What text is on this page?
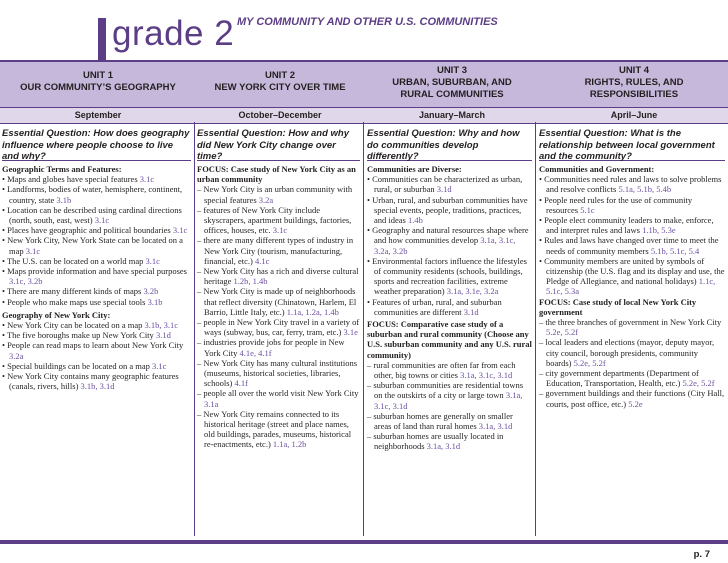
grade 2 MY COMMUNITY AND OTHER U.S. COMMUNITIES
UNIT 1
OUR COMMUNITY’S GEOGRAPHY
UNIT 2
NEW YORK CITY OVER TIME
UNIT 3
URBAN, SUBURBAN, AND RURAL COMMUNITIES
UNIT 4
RIGHTS, RULES, AND RESPONSIBILITIES
September	October–December	January–March	April–June
Essential Question: How does geography influence where people choose to live and why?
Geographic Terms and Features:
• Maps and globes have special features 3.1c
• Landforms, bodies of water, hemisphere, continent, country, state 3.1b
• Location can be described using cardinal directions (north, south, east, west) 3.1c
• Places have geographic and political boundaries 3.1c
• New York City, New York State can be located on a map 3.1c
• The U.S. can be located on a world map 3.1c
• Maps provide information and have special purposes 3.1c, 3.2b
• There are many different kinds of maps 3.2b
• People who make maps use special tools 3.1b
Geography of New York City:
• New York City can be located on a map 3.1b, 3.1c
• The five boroughs make up New York City 3.1d
• People can read maps to learn about New York City 3.2a
• Special buildings can be located on a map 3.1c
• New York City contains many geographic features (canals, rivers, hills) 3.1b, 3.1d
Essential Question: How and why did New York City change over time?
FOCUS: Case study of New York City as an urban community
– New York City is an urban community with special features 3.2a
– features of New York City include skyscrapers, apartment buildings, factories, offices, houses, etc. 3.1c
– there are many different types of industry in New York City (tourism, manufacturing, financial, etc.) 4.1c
– New York City has a rich and diverse cultural heritage 1.2b, 1.4b
– New York City is made up of neighborhoods that reflect diversity (Chinatown, Harlem, El Barrio, Little Italy, etc.) 1.1a, 1.2a, 1.4b
– people in New York City travel in a variety of ways (subway, bus, car, ferry, tram, etc.) 3.1e
– industries provide jobs for people in New York City 4.1e, 4.1f
– New York City has many cultural institutions (museums, historical societies, libraries, schools) 4.1f
– people all over the world visit New York City 3.1a
– New York City remains connected to its historical heritage (street and place names, old buildings, parades, museums, historical re-enactments, etc.) 1.1a, 1.2b
Essential Question: Why and how do communities develop differently?
Communities are Diverse:
• Communities can be characterized as urban, rural, or suburban 3.1d
• Urban, rural, and suburban communities have special events, people, traditions, practices, and ideas 1.4b
• Geography and natural resources shape where and how communities develop 3.1a, 3.1c, 3.2a, 3.2b
• Environmental factors influence the lifestyles of community residents (schools, buildings, sports and recreation facilities, extreme weather preparation) 3.1a, 3.1e, 3.2a
• Features of urban, rural, and suburban communities are different 3.1d
FOCUS: Comparative case study of a suburban and rural community (Choose any U.S. suburban community and any U.S. rural community)
– rural communities are often far from each other, big towns or cities 3.1a, 3.1c, 3.1d
– suburban communities are residential towns on the outskirts of a city or large town 3.1a, 3.1c, 3.1d
– suburban homes are generally on smaller areas of land than rural homes 3.1a, 3.1d
– suburban homes are usually located in neighborhoods 3.1a, 3.1d
Essential Question: What is the relationship between local government and the community?
Communities and Government:
• Communities need rules and laws to solve problems and resolve conflicts 5.1a, 5.1b, 5.4b
• People need rules for the use of community resources 5.1c
• People elect community leaders to make, enforce, and interpret rules and laws 1.1b, 5.3e
• Rules and laws have changed over time to meet the needs of community members 5.1b, 5.1c, 5.4
• Community members are united by symbols of citizenship (the U.S. flag and its display and use, the Pledge of Allegiance, and national holidays) 1.1c, 5.1c, 5.3a
FOCUS: Case study of local New York City government
– the three branches of government in New York City 5.2e, 5.2f
– local leaders and elections (mayor, deputy mayor, city council, borough presidents, community boards) 5.2e, 5.2f
– city government departments (Department of Education, Transportation, Health, etc.) 5.2e, 5.2f
– government buildings and their functions (City Hall, courts, post office, etc.) 5.2e
p. 7
